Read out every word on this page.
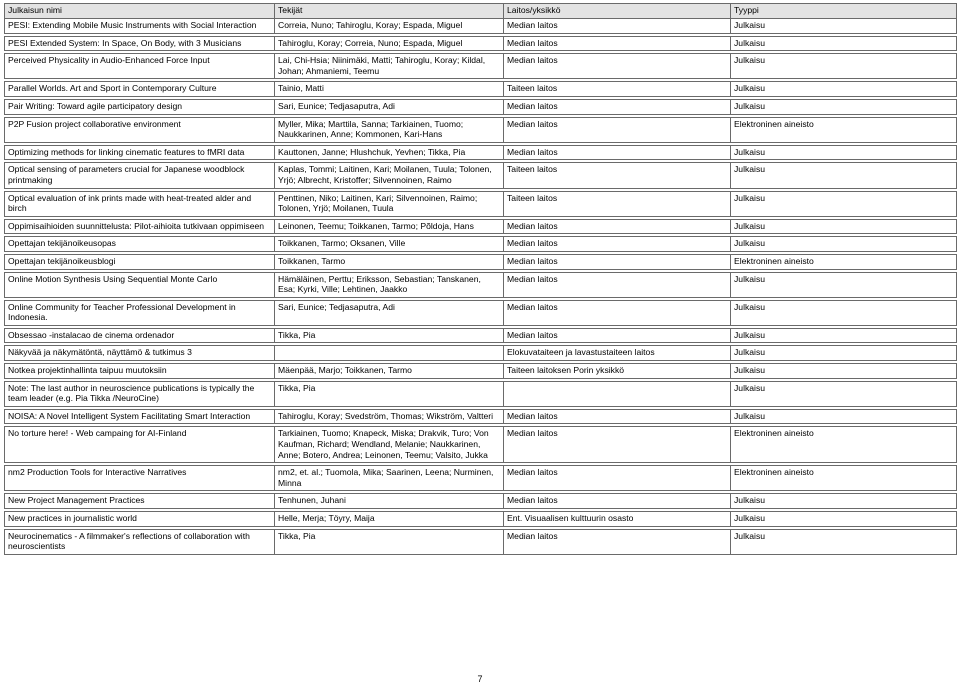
Julkaisun nimi	Tekijät	Laitos/yksikkö	Tyyppi
PESI: Extending Mobile Music Instruments with Social Interaction	Correia, Nuno; Tahiroglu, Koray; Espada, Miguel	Median laitos	Julkaisu

PESI Extended System: In Space, On Body, with 3 Musicians	Tahiroglu, Koray; Correia, Nuno; Espada, Miguel	Median laitos	Julkaisu

Perceived Physicality in Audio-Enhanced Force Input	Lai, Chi-Hsia; Niinimäki, Matti; Tahiroglu, Koray; Kildal, Johan; Ahmaniemi, Teemu	Median laitos	Julkaisu

Parallel Worlds. Art and Sport in Contemporary Culture	Tainio, Matti	Taiteen laitos	Julkaisu

Pair Writing: Toward agile participatory design	Sari, Eunice; Tedjasaputra, Adi	Median laitos	Julkaisu

P2P Fusion project collaborative environment	Myller, Mika; Marttila, Sanna; Tarkiainen, Tuomo; Naukkarinen, Anne; Kommonen, Kari-Hans	Median laitos	Elektroninen aineisto

Optimizing methods for linking cinematic features to fMRI data	Kauttonen, Janne; Hlushchuk, Yevhen; Tikka, Pia	Median laitos	Julkaisu

Optical sensing of parameters crucial for Japanese woodblock printmaking	Kaplas, Tommi; Laitinen, Kari; Moilanen, Tuula; Tolonen, Yrjö; Albrecht, Kristoffer; Silvennoinen, Raimo	Taiteen laitos	Julkaisu

Optical evaluation of ink prints made with heat-treated alder and birch	Penttinen, Niko; Laitinen, Kari; Silvennoinen, Raimo; Tolonen, Yrjö; Moilanen, Tuula	Taiteen laitos	Julkaisu

Oppimisaihioiden suunnittelusta: Pilot-aihioita tutkivaan oppimiseen	Leinonen, Teemu; Toikkanen, Tarmo; Põldoja, Hans	Median laitos	Julkaisu

Opettajan tekijänoikeusopas	Toikkanen, Tarmo; Oksanen, Ville	Median laitos	Julkaisu

Opettajan tekijänoikeusblogi	Toikkanen, Tarmo	Median laitos	Elektroninen aineisto

Online Motion Synthesis Using Sequential Monte Carlo	Hämäläinen, Perttu; Eriksson, Sebastian; Tanskanen, Esa; Kyrki, Ville; Lehtinen, Jaakko	Median laitos	Julkaisu

Online Community for Teacher Professional Development in Indonesia.	Sari, Eunice; Tedjasaputra, Adi	Median laitos	Julkaisu

Obsessao -instalacao de cinema ordenador	Tikka, Pia	Median laitos	Julkaisu

Näkyvää ja näkymätöntä, näyttämö & tutkimus 3		Elokuvataiteen ja lavastustaiteen laitos	Julkaisu

Notkea projektinhallinta taipuu muutoksiin	Mäenpää, Marjo; Toikkanen, Tarmo	Taiteen laitoksen Porin yksikkö	Julkaisu

Note: The last author in neuroscience publications is typically the team leader (e.g. Pia Tikka /NeuroCine)	Tikka, Pia		Julkaisu

NOISA: A Novel Intelligent System Facilitating Smart Interaction	Tahiroglu, Koray; Svedström, Thomas; Wikström, Valtteri	Median laitos	Julkaisu

No torture here! - Web campaing for AI-Finland	Tarkiainen, Tuomo; Knapeck, Miska; Drakvik, Turo; Von Kaufman, Richard; Wendland, Melanie; Naukkarinen, Anne; Botero, Andrea; Leinonen, Teemu; Valsito, Jukka	Median laitos	Elektroninen aineisto

nm2 Production Tools for Interactive Narratives	nm2, et. al.; Tuomola, Mika; Saarinen, Leena; Nurminen, Minna	Median laitos	Elektroninen aineisto

New Project Management Practices	Tenhunen, Juhani	Median laitos	Julkaisu

New practices in journalistic world	Helle, Merja; Töyry, Maija	Ent. Visuaalisen kulttuurin osasto	Julkaisu

Neurocinematics - A filmmaker's reflections of collaboration with neuroscientists	Tikka, Pia	Median laitos	Julkaisu
7
